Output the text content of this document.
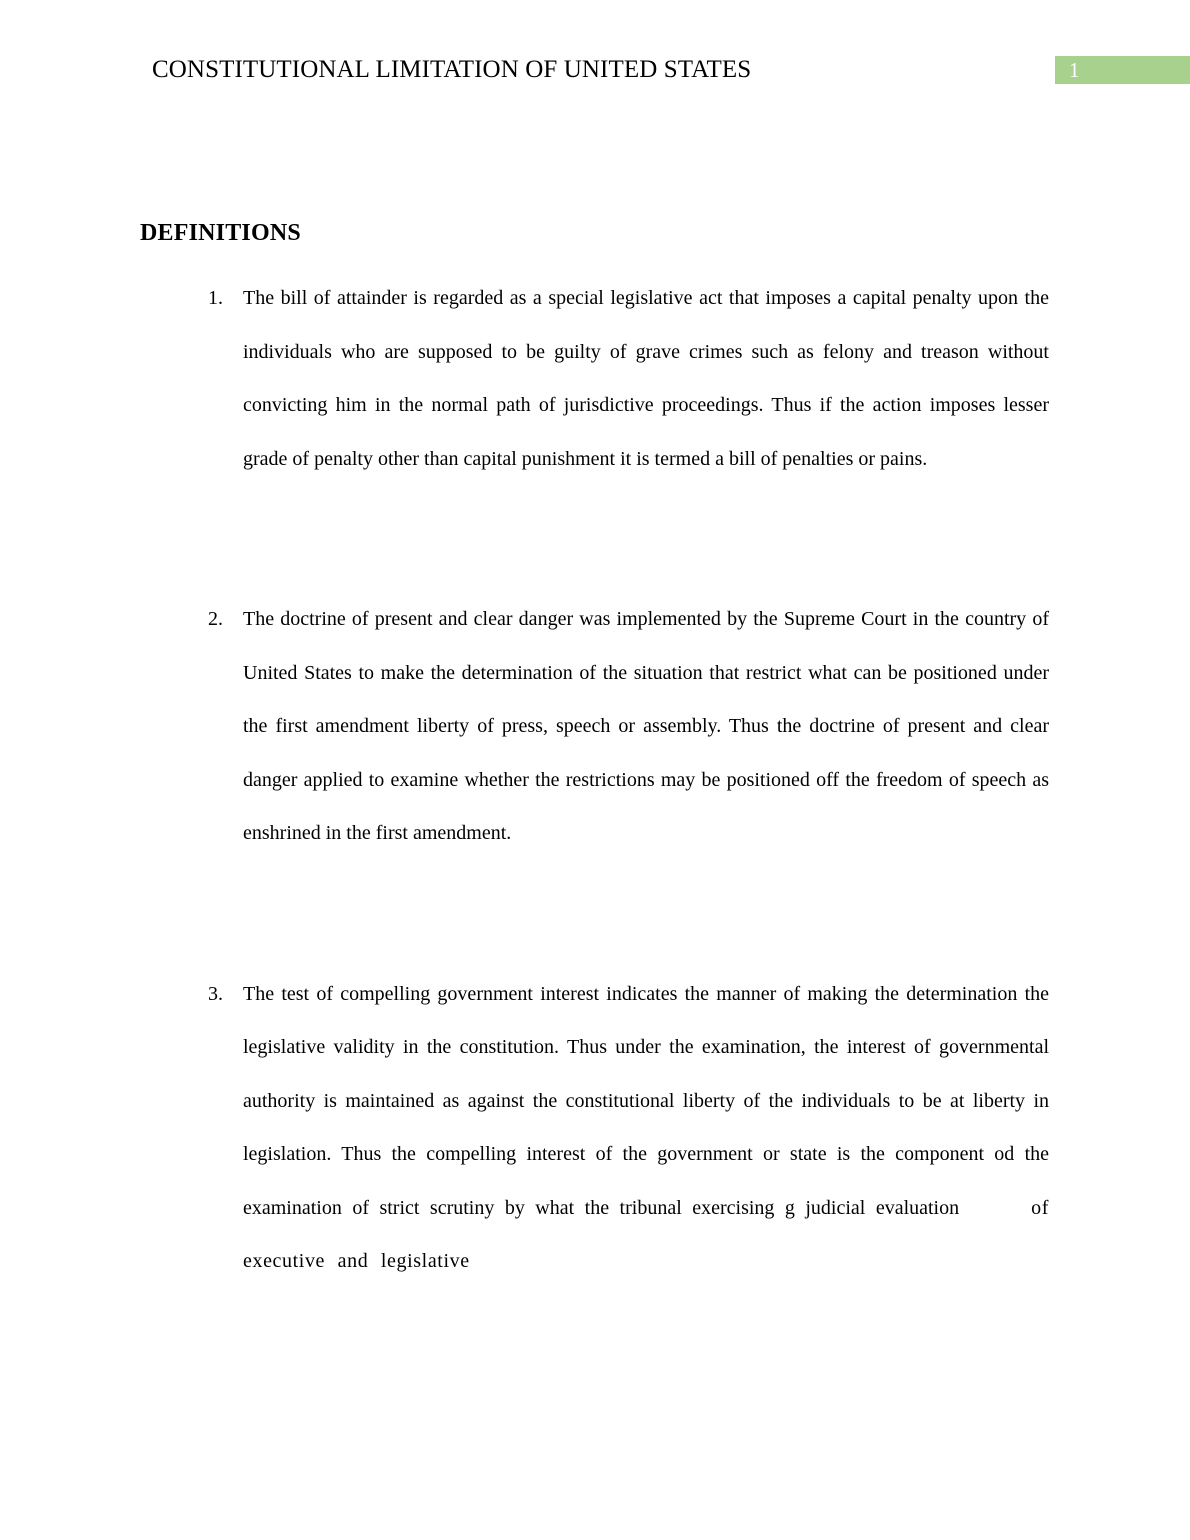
CONSTITUTIONAL LIMITATION OF UNITED STATES	1
DEFINITIONS
1.	The bill of attainder is regarded as a special legislative act that imposes a capital penalty upon the individuals who are supposed to be guilty of grave crimes such as felony and treason without convicting him in the normal path of jurisdictive proceedings. Thus if the action imposes lesser grade of penalty other than capital punishment it is termed a bill of penalties or pains.

2.	The doctrine of present and clear danger was implemented by the Supreme Court in the country of United States to make the determination of the situation that restrict what can be positioned under the first amendment liberty of press, speech or assembly. Thus the doctrine of present and clear danger applied to examine whether the restrictions may be positioned off the freedom of speech as enshrined in the first amendment.

3.	The test of compelling government interest indicates the manner of making the determination the legislative validity in the constitution. Thus under the examination, the interest of governmental authority is maintained as against the constitutional liberty of the individuals to be at liberty in legislation. Thus the compelling interest of the government or state is the component od the examination of strict scrutiny by what the tribunal exercising g judicial evaluation	of executive and legislative
